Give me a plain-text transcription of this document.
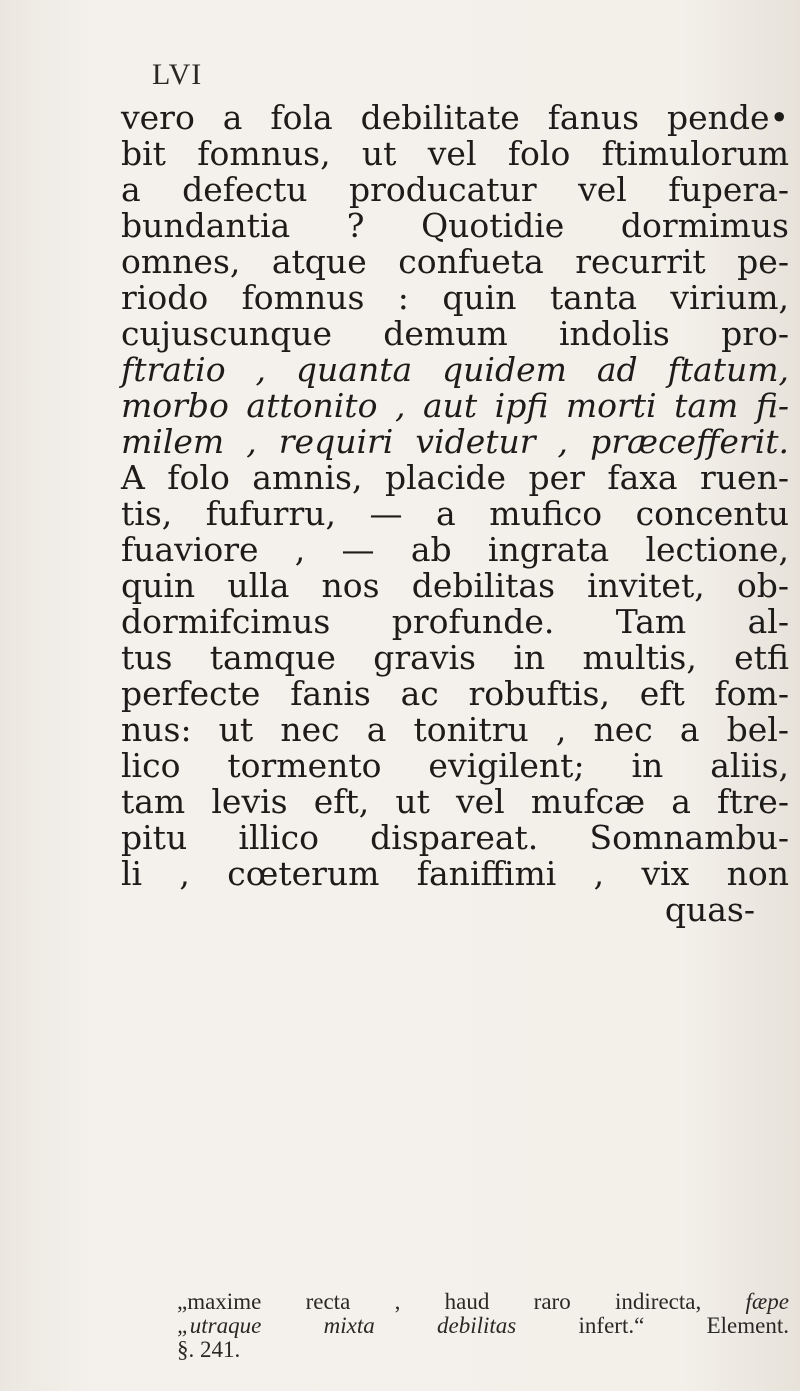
LVI
vero a fola debilitate fanus pende•
bit fomnus, ut vel folo ftimulorum
a defectu producatur vel fupera-
bundantia ? Quotidie dormimus
omnes, atque confueta recurrit pe-
riodo fomnus : quin tanta virium,
cujuscunque demum indolis pro-
ftratio , quanta quidem ad ftatum,
morbo attonito , aut ipfi morti tam fi-
milem , requiri videtur , præcefferit.
A folo amnis, placide per faxa ruen-
tis, fufurru, — a mufico concentu
fuaviore , — ab ingrata lectione,
quin ulla nos debilitas invitet, ob-
dormifcimus profunde. Tam al-
tus tamque gravis in multis, etfi
perfecte fanis ac robuftis, eft fom-
nus: ut nec a tonitru , nec a bel-
lico tormento evigilent; in aliis,
tam levis eft, ut vel mufcæ a ftre-
pitu illico dispareat. Somnambu-
li , cœterum faniffimi , vix non
quas-
„maxime recta , haud raro indirecta, fæpe
„utraque mixta debilitas infert.“ Element.
§. 241.
